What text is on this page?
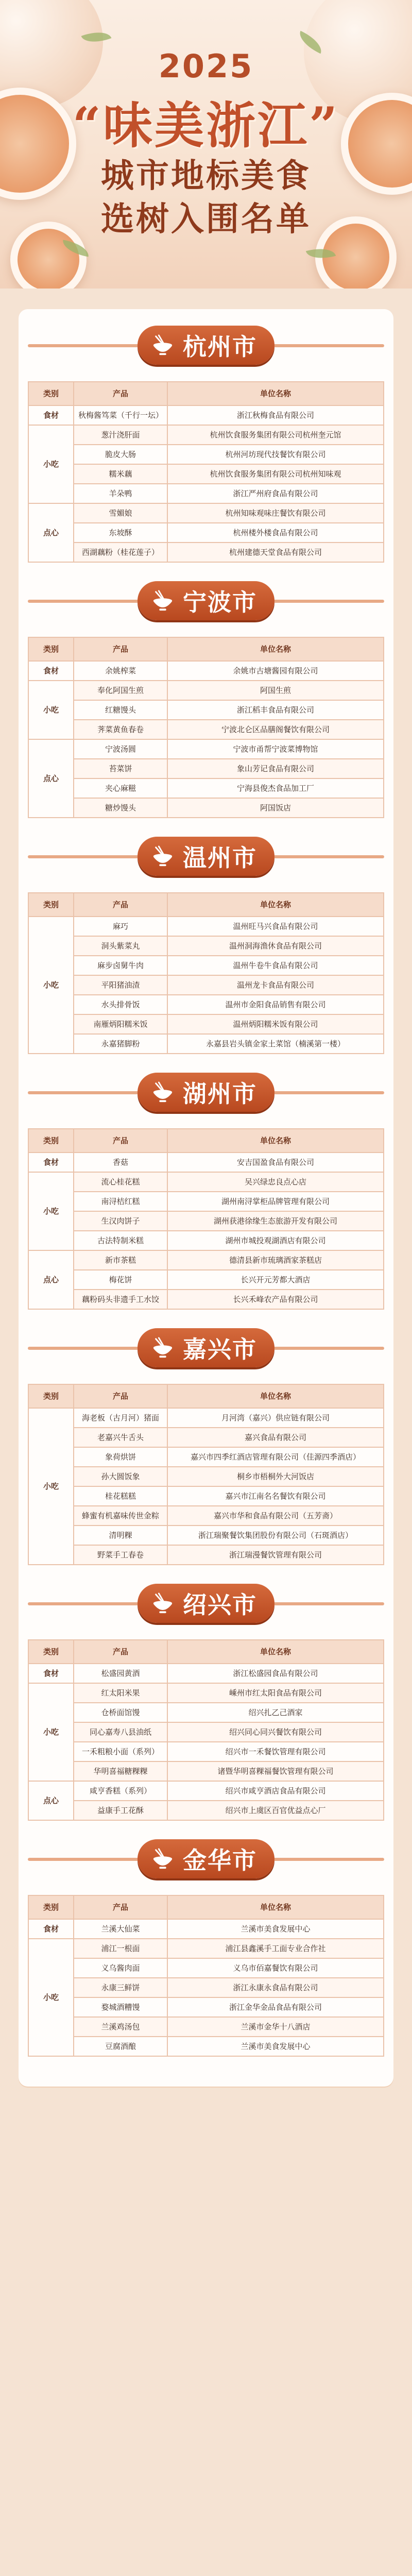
2025
“味美浙江”
城市地标美食
选树入围名单
杭州市
类别	产品	单位名称
食材	秋梅酱笃菜（千行一坛）	浙江秋梅食品有限公司
小吃	葱汁浇肝面	杭州饮食服务集团有限公司杭州奎元馆
	脆皮大肠	杭州河坊现代技餐饮有限公司
	糯米藕	杭州饮食服务集团有限公司杭州知味观
	羊朵鸭	浙江严州府食品有限公司
点心	雪媚娘	杭州知味观味庄餐饮有限公司
	东坡酥	杭州楼外楼食品有限公司
	西湖藕粉（桂花莲子）	杭州建德天堂食品有限公司
宁波市
类别	产品	单位名称
食材	余姚榨菜	余姚市古塘酱园有限公司
小吃	奉化阿国生煎	阿国生煎
	红糖馒头	浙江稻丰食品有限公司
	荠菜黄鱼春卷	宁波北仑区品膳阁餐饮有限公司
点心	宁波汤圆	宁波市甬帮宁波菜博物馆
	苔菜饼	象山芳记食品有限公司
	夹心麻糍	宁海县俊杰食品加工厂
	糖炒馒头	阿国饭店
温州市
类别	产品	单位名称
小吃	麻巧	温州旺马兴食品有限公司
	洞头紫菜丸	温州洞海渔休食品有限公司
	麻步卤舅牛肉	温州牛卷牛食品有限公司
	平阳猪油渣	温州龙卡食品有限公司
	水头排骨饭	温州市金阳食品销售有限公司
	南雁炳阳糯米饭	温州炳阳糯米饭有限公司
	永嘉猪脚粉	永嘉县岩头镇金家土菜馆（楠溪第一楼）
湖州市
类别	产品	单位名称
食材	香菇	安吉国盈食品有限公司
小吃	流心桂花糕	吴兴绿忠良点心店
	南浔桔红糕	湖州南浔掌柜品牌管理有限公司
	生汉肉饼子	湖州获港徐缘生态旅游开发有限公司
	古法特制米糕	湖州市城投观湖酒店有限公司
点心	新市茶糕	德清县新市琉璃酒家茶糕店
	梅花饼	长兴开元芳都大酒店
	藕粉码头非遗手工水饺	长兴禾峰农产品有限公司
嘉兴市
类别	产品	单位名称
小吃	海老板（古月河）猪面	月河湾（嘉兴）供应链有限公司
	老嘉兴牛舌头	嘉兴食品有限公司
	象荷烘饼	嘉兴市四季红酒店管理有限公司（佳源四季酒店）
	孙大圆饭象	桐乡市梧桐外大河饭店
	桂花糕糕	嘉兴市江南名名餐饮有限公司
	蜂蜜有机嘉味传世金粽	嘉兴市华和食品有限公司（五芳斋）
	清明粿	浙江瑞聚餐饮集团股份有限公司（石斑酒店）
	野菜手工春卷	浙江瑞漫餐饮管理有限公司
绍兴市
类别	产品	单位名称
食材	松盛园黄酒	浙江松盛园食品有限公司
小吃	红太阳米果	嵊州市红太阳食品有限公司
	仓桥面馆馒	绍兴扎乙己酒家
	同心嘉寿八县油纸	绍兴同心同兴餐饮有限公司
	一禾粗粮小面（系列）	绍兴市一禾餐饮管理有限公司
	华明喜福糖粿粿	诸暨华明喜粿福餐饮管理有限公司
点心	咸亨香糕（系列）	绍兴市咸亨酒店食品有限公司
	益康手工花酥	绍兴市上虞区百官优益点心厂
金华市
类别	产品	单位名称
食材	兰溪大仙菜	兰溪市美食发展中心
小吃	浦江一根面	浦江县鑫溪手工面专业合作社
	义乌酱肉面	义乌市佰嘉餐饮有限公司
	永康三鲜饼	浙江永康永食品有限公司
	婺城酒糟馒	浙江金华金品食品有限公司
	兰溪鸡汤包	兰溪市金华十八酒店
	豆腐酒酿	兰溪市美食发展中心
